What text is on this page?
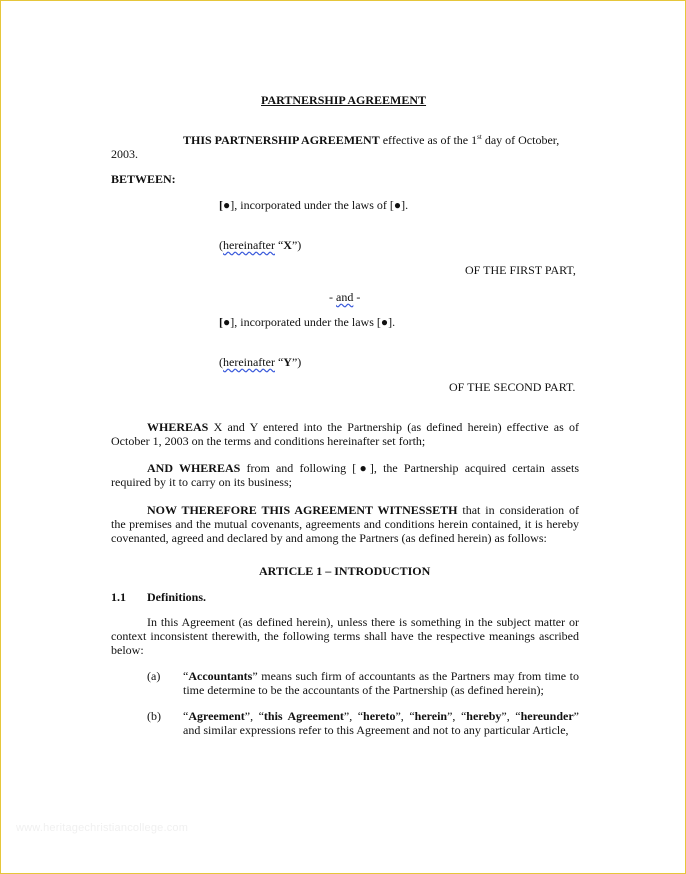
PARTNERSHIP AGREEMENT
THIS PARTNERSHIP AGREEMENT effective as of the 1st day of October,
2003.
BETWEEN:
[●], incorporated under the laws of [●].
(hereinafter “X”)
OF THE FIRST PART,
- and -
[●], incorporated under the laws [●].
(hereinafter “Y”)
OF THE SECOND PART.
WHEREAS X and Y entered into the Partnership (as defined herein) effective as of
October 1, 2003 on the terms and conditions hereinafter set forth;
AND WHEREAS from and following [●], the Partnership acquired certain assets
required by it to carry on its business;
NOW THEREFORE THIS AGREEMENT WITNESSETH that in consideration of
the premises and the mutual covenants, agreements and conditions herein contained, it is hereby
covenanted, agreed and declared by and among the Partners (as defined herein) as follows:
ARTICLE 1 – INTRODUCTION
1.1 Definitions.
In this Agreement (as defined herein), unless there is something in the subject matter or
context inconsistent therewith, the following terms shall have the respective meanings ascribed
below:
(a) “Accountants” means such firm of accountants as the Partners may from time to
time determine to be the accountants of the Partnership (as defined herein);
(b) “Agreement”, “this Agreement”, “hereto”, “herein”, “hereby”, “hereunder”
and similar expressions refer to this Agreement and not to any particular Article,
www.heritagechristiancollege.com
